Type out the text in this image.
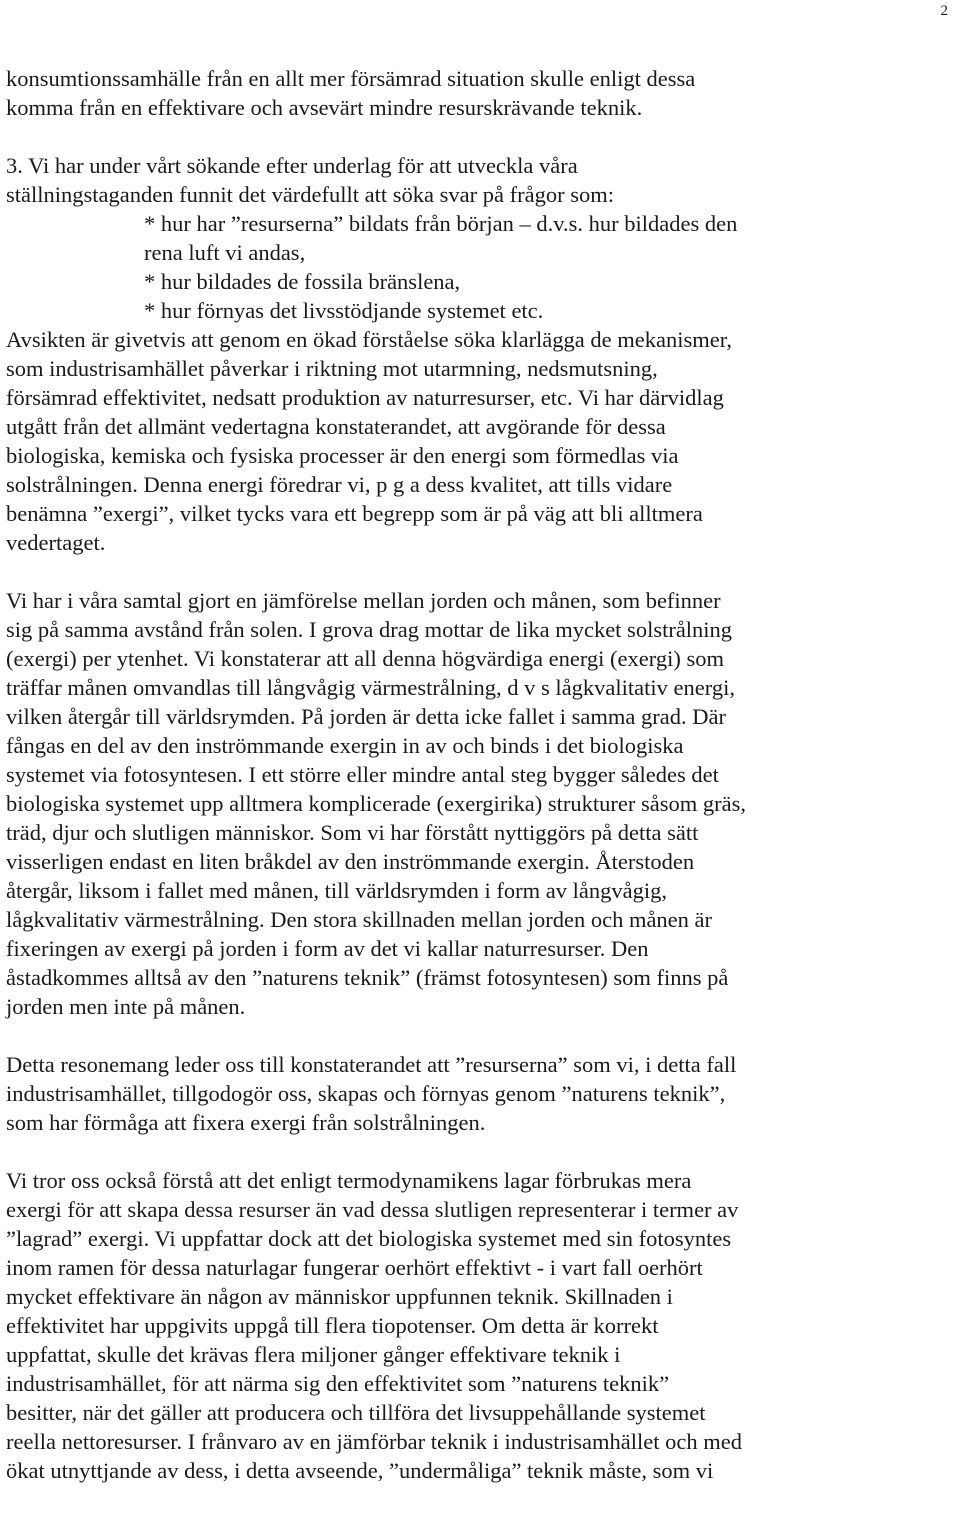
2
konsumtionssamhälle från en allt mer försämrad situation skulle enligt dessa
komma från en effektivare och avsevärt mindre resurskrävande teknik.
3. Vi har under vårt sökande efter underlag för att utveckla våra
ställningstaganden funnit det värdefullt att söka svar på frågor som:
* hur har ”resurserna” bildats från början – d.v.s. hur bildades den
rena luft vi andas,
* hur bildades de fossila bränslena,
* hur förnyas det livsstödjande systemet etc.
Avsikten är givetvis att genom en ökad förståelse söka klarlägga de mekanismer,
som industrisamhället påverkar i riktning mot utarmning, nedsmutsning,
försämrad effektivitet, nedsatt produktion av naturresurser, etc. Vi har därvidlag
utgått från det allmänt vedertagna konstaterandet, att avgörande för dessa
biologiska, kemiska och fysiska processer är den energi som förmedlas via
solstrålningen. Denna energi föredrar vi, p g a dess kvalitet, att tills vidare
benämna ”exergi”, vilket tycks vara ett begrepp som är på väg att bli alltmera
vedertaget.
Vi har i våra samtal gjort en jämförelse mellan jorden och månen, som befinner
sig på samma avstånd från solen. I grova drag mottar de lika mycket solstrålning
(exergi) per ytenhet. Vi konstaterar att all denna högvärdiga energi (exergi) som
träffar månen omvandlas till långvågig värmestrålning, d v s lågkvalitativ energi,
vilken återgår till världsrymden. På jorden är detta icke fallet i samma grad. Där
fångas en del av den inströmmande exergin in av och binds i det biologiska
systemet via fotosyntesen. I ett större eller mindre antal steg bygger således det
biologiska systemet upp alltmera komplicerade (exergirika) strukturer såsom gräs,
träd, djur och slutligen människor. Som vi har förstått nyttiggörs på detta sätt
visserligen endast en liten bråkdel av den inströmmande exergin. Återstoden
återgår, liksom i fallet med månen, till världsrymden i form av långvågig,
lågkvalitativ värmestrålning. Den stora skillnaden mellan jorden och månen är
fixeringen av exergi på jorden i form av det vi kallar naturresurser. Den
åstadkommes alltså av den ”naturens teknik” (främst fotosyntesen) som finns på
jorden men inte på månen.
Detta resonemang leder oss till konstaterandet att ”resurserna” som vi, i detta fall
industrisamhället, tillgodogör oss, skapas och förnyas genom ”naturens teknik”,
som har förmåga att fixera exergi från solstrålningen.
Vi tror oss också förstå att det enligt termodynamikens lagar förbrukas mera
exergi för att skapa dessa resurser än vad dessa slutligen representerar i termer av
”lagrad” exergi. Vi uppfattar dock att det biologiska systemet med sin fotosyntes
inom ramen för dessa naturlagar fungerar oerhört effektivt - i vart fall oerhört
mycket effektivare än någon av människor uppfunnen teknik. Skillnaden i
effektivitet har uppgivits uppgå till flera tiopotenser. Om detta är korrekt
uppfattat, skulle det krävas flera miljoner gånger effektivare teknik i
industrisamhället, för att närma sig den effektivitet som ”naturens teknik”
besitter, när det gäller att producera och tillföra det livsuppehållande systemet
reella nettoresurser. I frånvaro av en jämförbar teknik i industrisamhället och med
ökat utnyttjande av dess, i detta avseende, ”undermåliga” teknik måste, som vi
